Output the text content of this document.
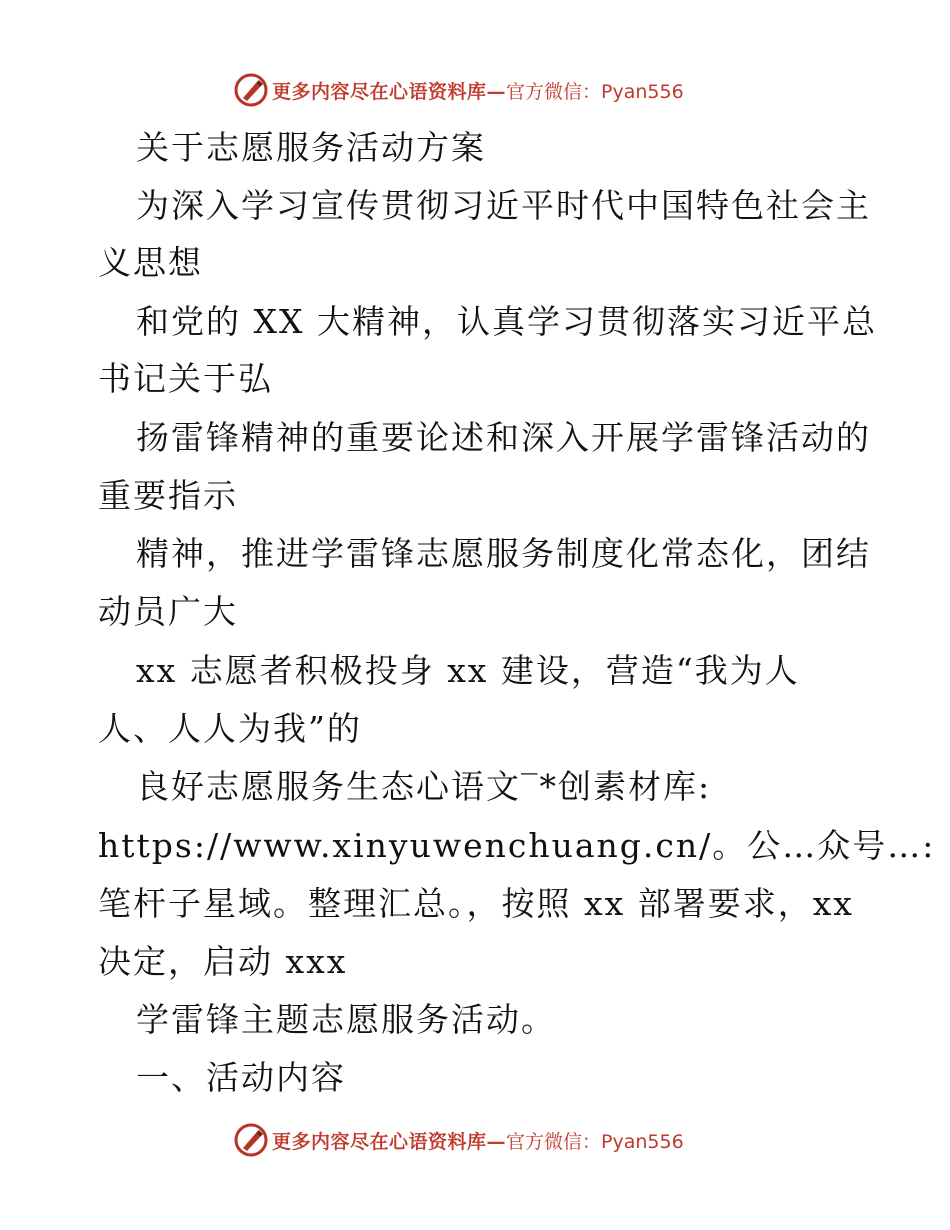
更多内容尽在心语资料库— 官方微信：Pyan556
关于志愿服务活动方案
为深入学习宣传贯彻习近平时代中国特色社会主
义思想
和党的 XX 大精神，认真学习贯彻落实习近平总
书记关于弘
扬雷锋精神的重要论述和深入开展学雷锋活动的
重要指示
精神，推进学雷锋志愿服务制度化常态化，团结
动员广大
xx 志愿者积极投身 xx 建设，营造“我为人
人、人人为我”的
良好志愿服务生态心语文‾*创素材库:
https://www.xinyuwenchuang.cn/。公…众号…:
笔杆子星域。整理汇总。，按照 xx 部署要求，xx
决定，启动 xxx
学雷锋主题志愿服务活动。
一、活动内容
更多内容尽在心语资料库— 官方微信：Pyan556
